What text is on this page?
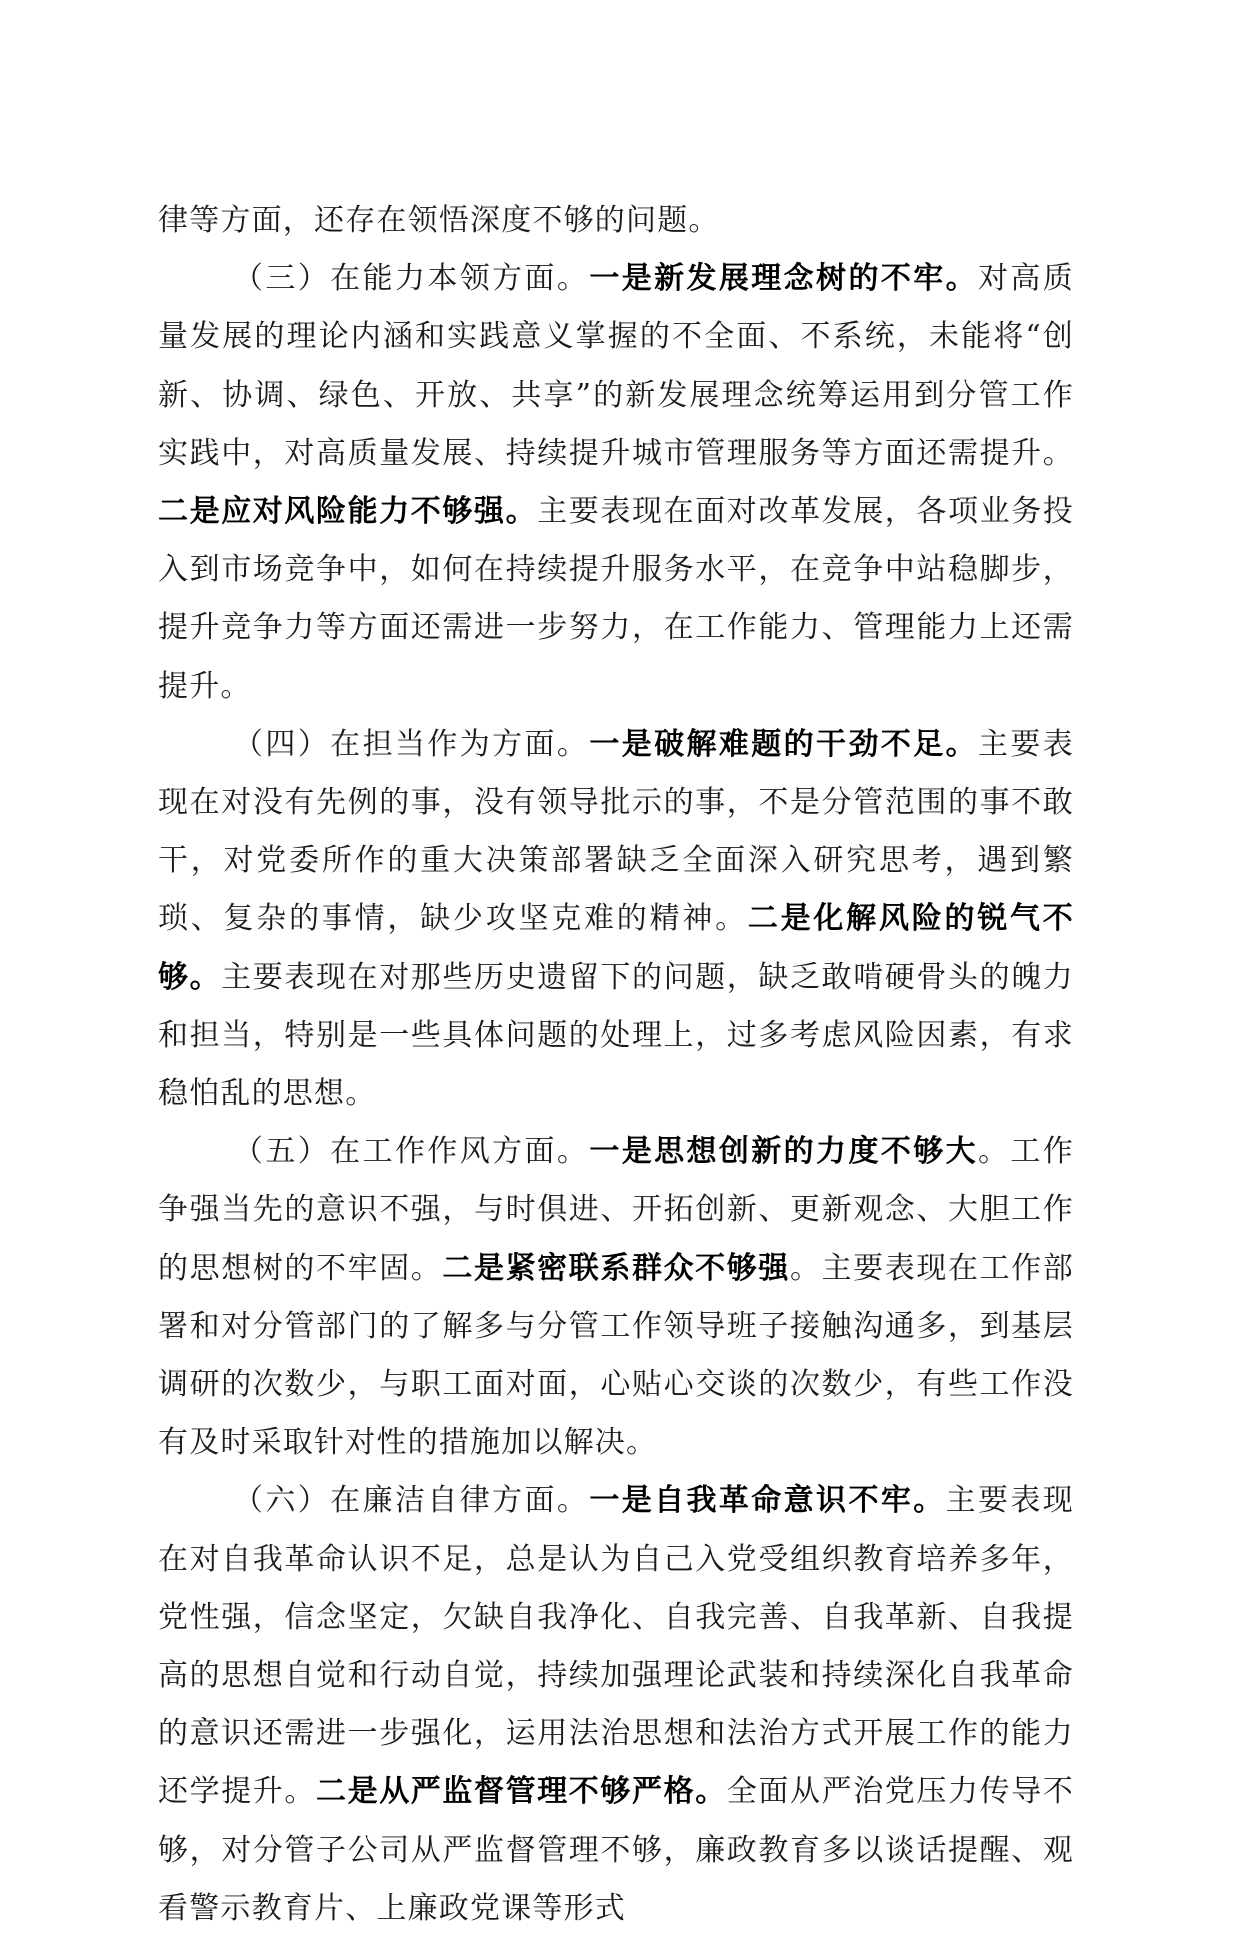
律等方面，还存在领悟深度不够的问题。

（三）在能力本领方面。一是新发展理念树的不牢。对高质量发展的理论内涵和实践意义掌握的不全面、不系统，未能将“创新、协调、绿色、开放、共享”的新发展理念统筹运用到分管工作实践中，对高质量发展、持续提升城市管理服务等方面还需提升。二是应对风险能力不够强。主要表现在面对改革发展，各项业务投入到市场竞争中，如何在持续提升服务水平，在竞争中站稳脚步，提升竞争力等方面还需进一步努力，在工作能力、管理能力上还需提升。

（四）在担当作为方面。一是破解难题的干劲不足。主要表现在对没有先例的事，没有领导批示的事，不是分管范围的事不敢干，对党委所作的重大决策部署缺乏全面深入研究思考，遇到繁琐、复杂的事情，缺少攻坚克难的精神。二是化解风险的锐气不够。主要表现在对那些历史遗留下的问题，缺乏敢啃硬骨头的魄力和担当，特别是一些具体问题的处理上，过多考虑风险因素，有求稳怕乱的思想。

（五）在工作作风方面。一是思想创新的力度不够大。工作争强当先的意识不强，与时俱进、开拓创新、更新观念、大胆工作的思想树的不牢固。二是紧密联系群众不够强。主要表现在工作部署和对分管部门的了解多与分管工作领导班子接触沟通多，到基层调研的次数少，与职工面对面，心贴心交谈的次数少，有些工作没有及时采取针对性的措施加以解决。

（六）在廉洁自律方面。一是自我革命意识不牢。主要表现在对自我革命认识不足，总是认为自己入党受组织教育培养多年，党性强，信念坚定，欠缺自我净化、自我完善、自我革新、自我提高的思想自觉和行动自觉，持续加强理论武装和持续深化自我革命的意识还需进一步强化，运用法治思想和法治方式开展工作的能力还学提升。二是从严监督管理不够严格。全面从严治党压力传导不够，对分管子公司从严监督管理不够，廉政教育多以谈话提醒、观看警示教育片、上廉政党课等形式
